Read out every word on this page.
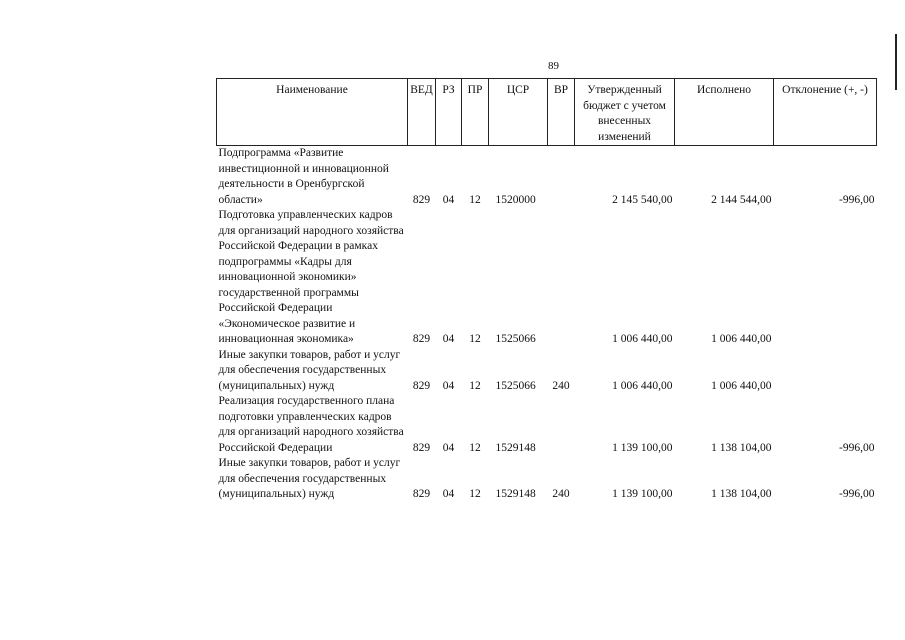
89
Наименование	ВЕД	РЗ	ПР	ЦСР	ВР	Утвержденный бюджет с учетом внесенных изменений	Исполнено	Отклонение (+, -)
Подпрограмма «Развитие инвестиционной и инновационной деятельности в Оренбургской области»	829	04	12	1520000		2 145 540,00	2 144 544,00	-996,00
Подготовка управленческих кадров для организаций народного хозяйства Российской Федерации в рамках подпрограммы «Кадры для инновационной экономики» государственной программы Российской Федерации «Экономическое развитие и инновационная экономика»	829	04	12	1525066		1 006 440,00	1 006 440,00	
Иные закупки товаров, работ и услуг для обеспечения государственных (муниципальных) нужд	829	04	12	1525066	240	1 006 440,00	1 006 440,00	
Реализация государственного плана подготовки управленческих кадров для организаций народного хозяйства Российской Федерации	829	04	12	1529148		1 139 100,00	1 138 104,00	-996,00
Иные закупки товаров, работ и услуг для обеспечения государственных (муниципальных) нужд	829	04	12	1529148	240	1 139 100,00	1 138 104,00	-996,00
